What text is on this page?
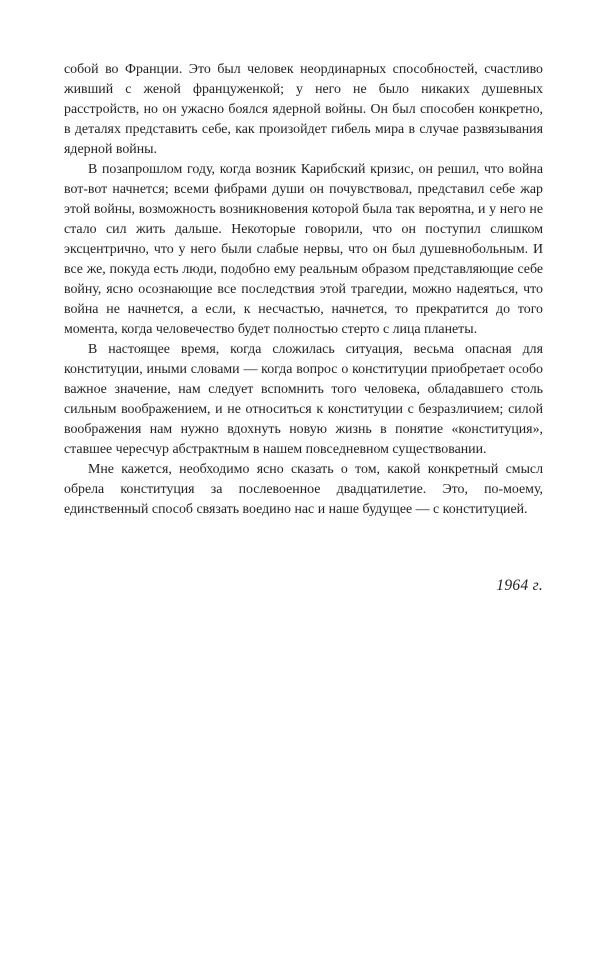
собой во Франции. Это был человек неординарных способностей, счастливо живший с женой француженкой; у него не было никаких душевных расстройств, но он ужасно боялся ядерной войны. Он был способен конкретно, в деталях представить себе, как произойдет гибель мира в случае развязывания ядерной войны.

В позапрошлом году, когда возник Карибский кризис, он решил, что война вот-вот начнется; всеми фибрами души он почувствовал, представил себе жар этой войны, возможность возникновения которой была так вероятна, и у него не стало сил жить дальше. Некоторые говорили, что он поступил слишком эксцентрично, что у него были слабые нервы, что он был душевнобольным. И все же, покуда есть люди, подобно ему реальным образом представляющие себе войну, ясно осознающие все последствия этой трагедии, можно надеяться, что война не начнется, а если, к несчастью, начнется, то прекратится до того момента, когда человечество будет полностью стерто с лица планеты.

В настоящее время, когда сложилась ситуация, весьма опасная для конституции, иными словами — когда вопрос о конституции приобретает особо важное значение, нам следует вспомнить того человека, обладавшего столь сильным воображением, и не относиться к конституции с безразличием; силой воображения нам нужно вдохнуть новую жизнь в понятие «конституция», ставшее чересчур абстрактным в нашем повседневном существовании.

Мне кажется, необходимо ясно сказать о том, какой конкретный смысл обрела конституция за послевоенное двадцатилетие. Это, по-моему, единственный способ связать воедино нас и наше будущее — с конституцией.

1964 г.
